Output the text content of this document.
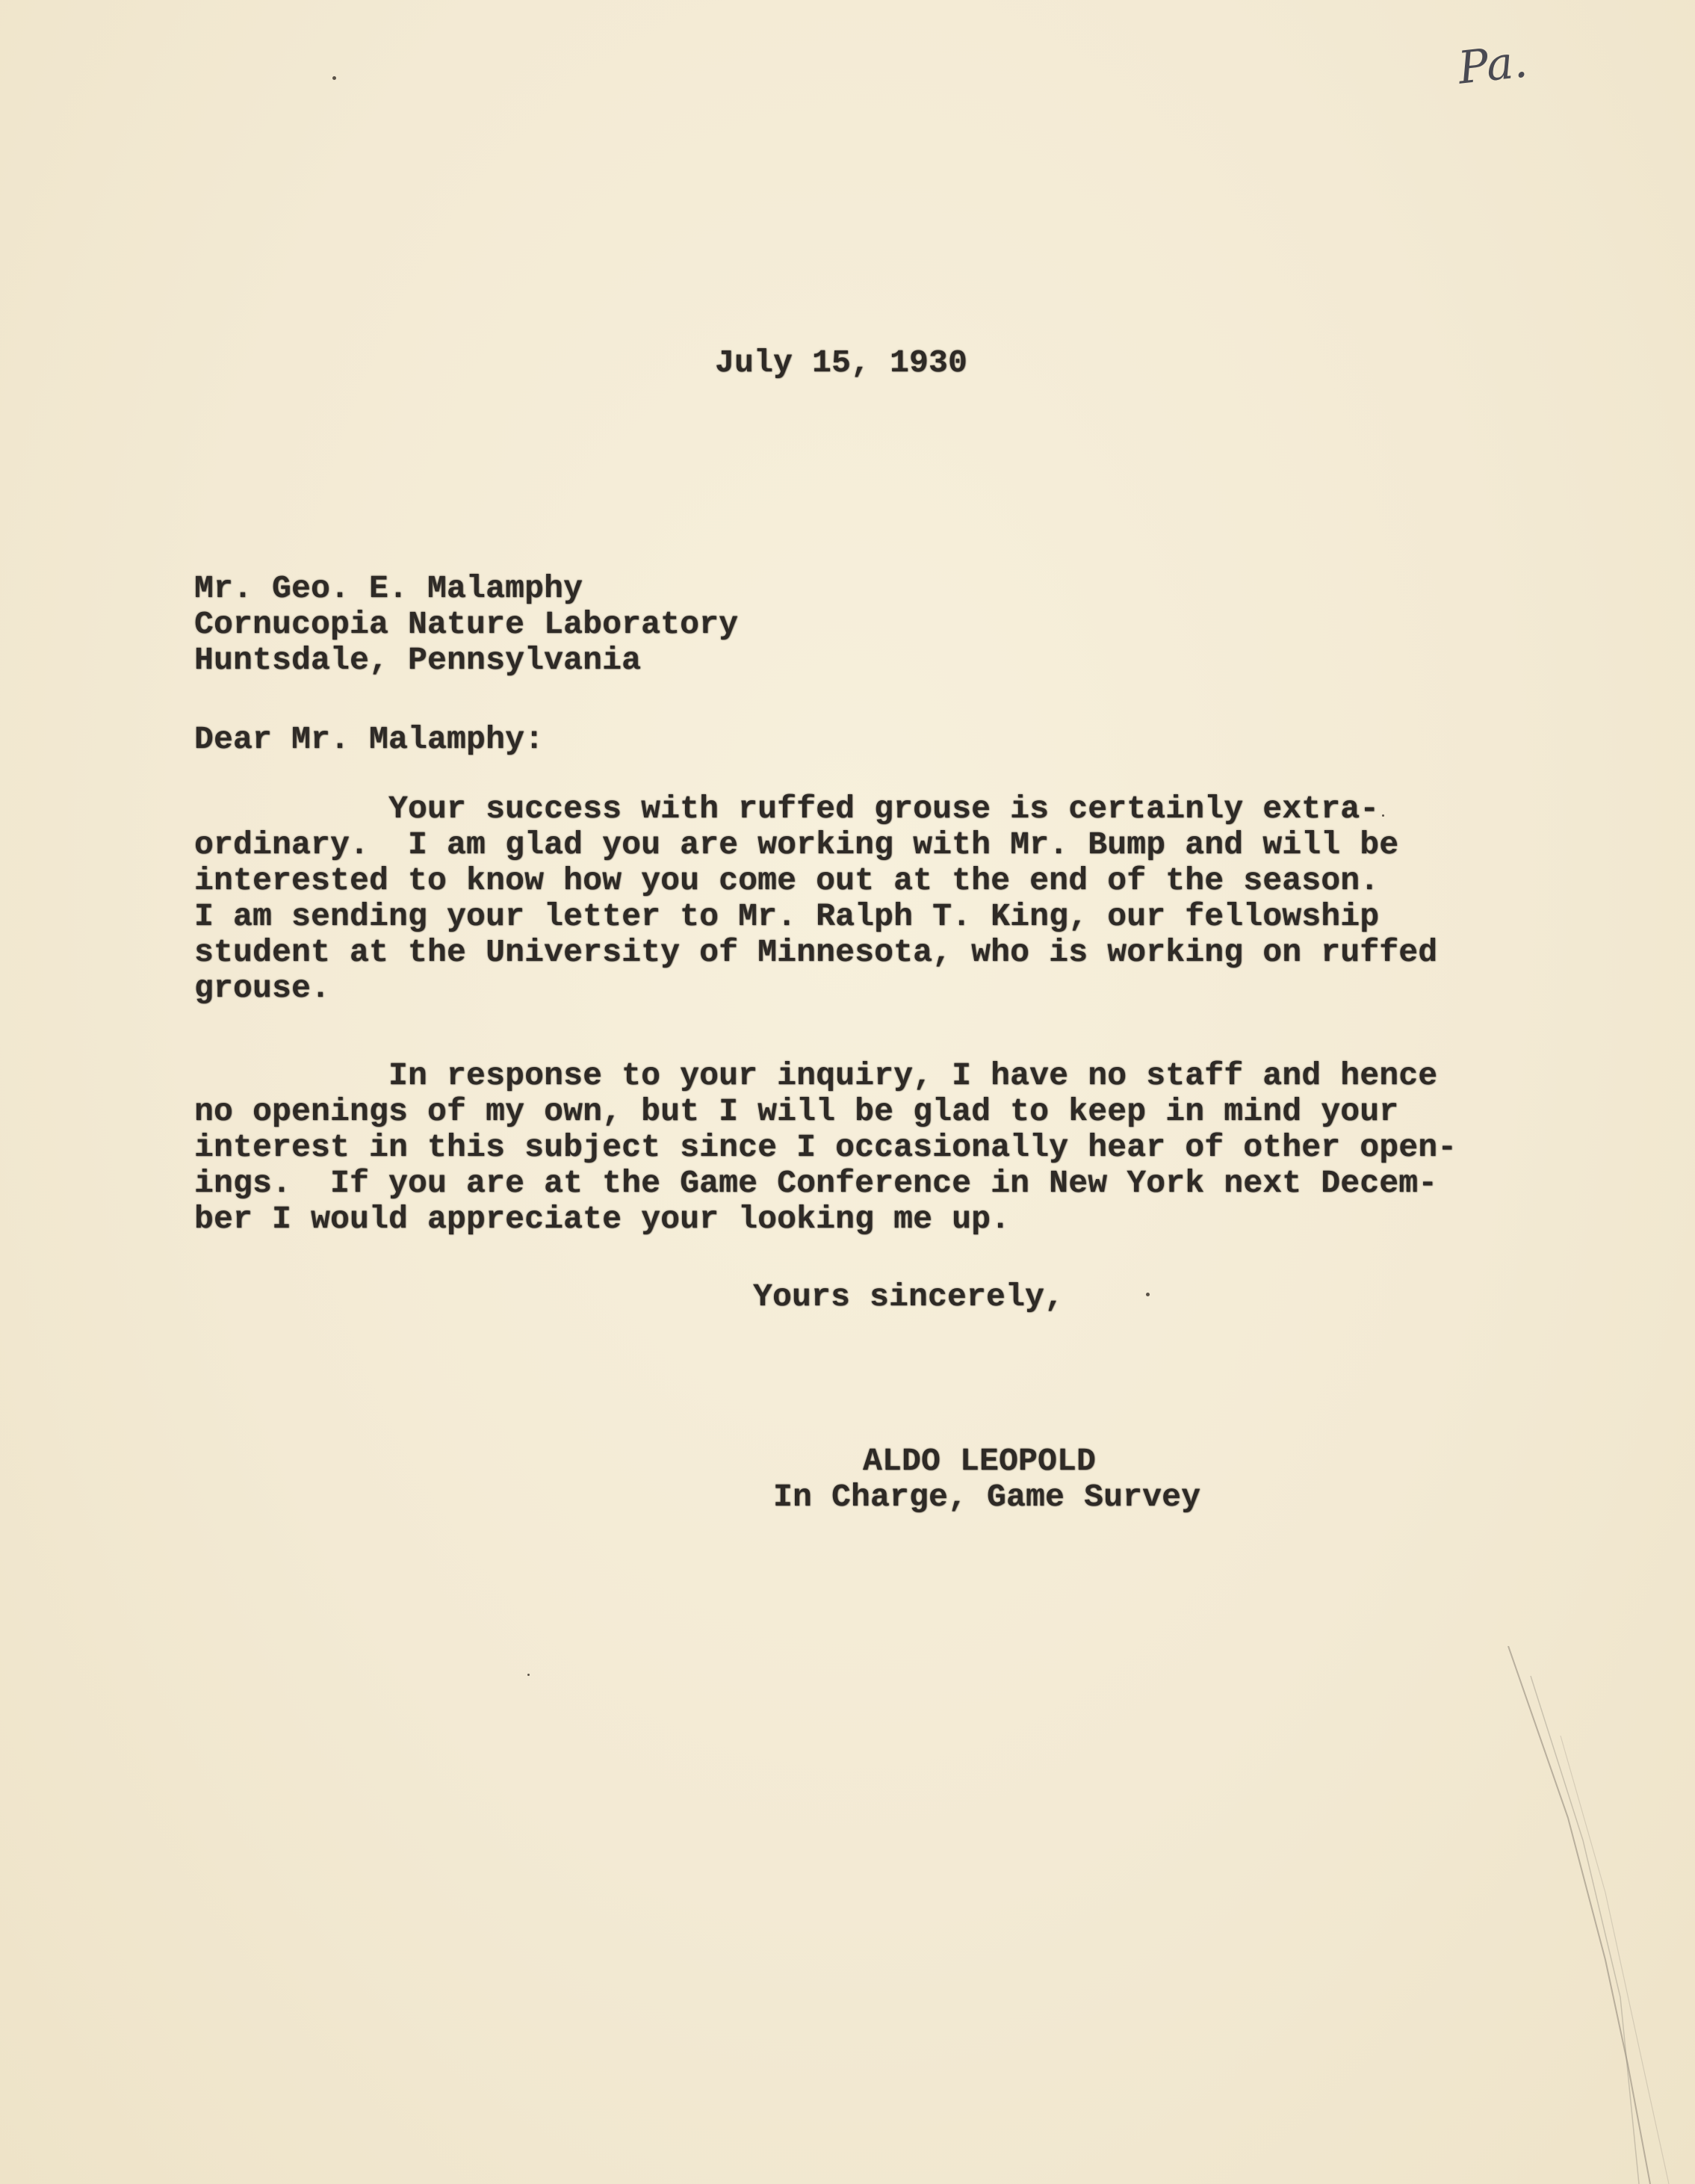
Pa.
July 15, 1930
Mr. Geo. E. Malamphy
Cornucopia Nature Laboratory
Huntsdale, Pennsylvania
Dear Mr. Malamphy:
Your success with ruffed grouse is certainly extra-
ordinary.  I am glad you are working with Mr. Bump and will be
interested to know how you come out at the end of the season.
I am sending your letter to Mr. Ralph T. King, our fellowship
student at the University of Minnesota, who is working on ruffed
grouse.
In response to your inquiry, I have no staff and hence
no openings of my own, but I will be glad to keep in mind your
interest in this subject since I occasionally hear of other open-
ings.  If you are at the Game Conference in New York next Decem-
ber I would appreciate your looking me up.
Yours sincerely,
ALDO LEOPOLD
In Charge, Game Survey
